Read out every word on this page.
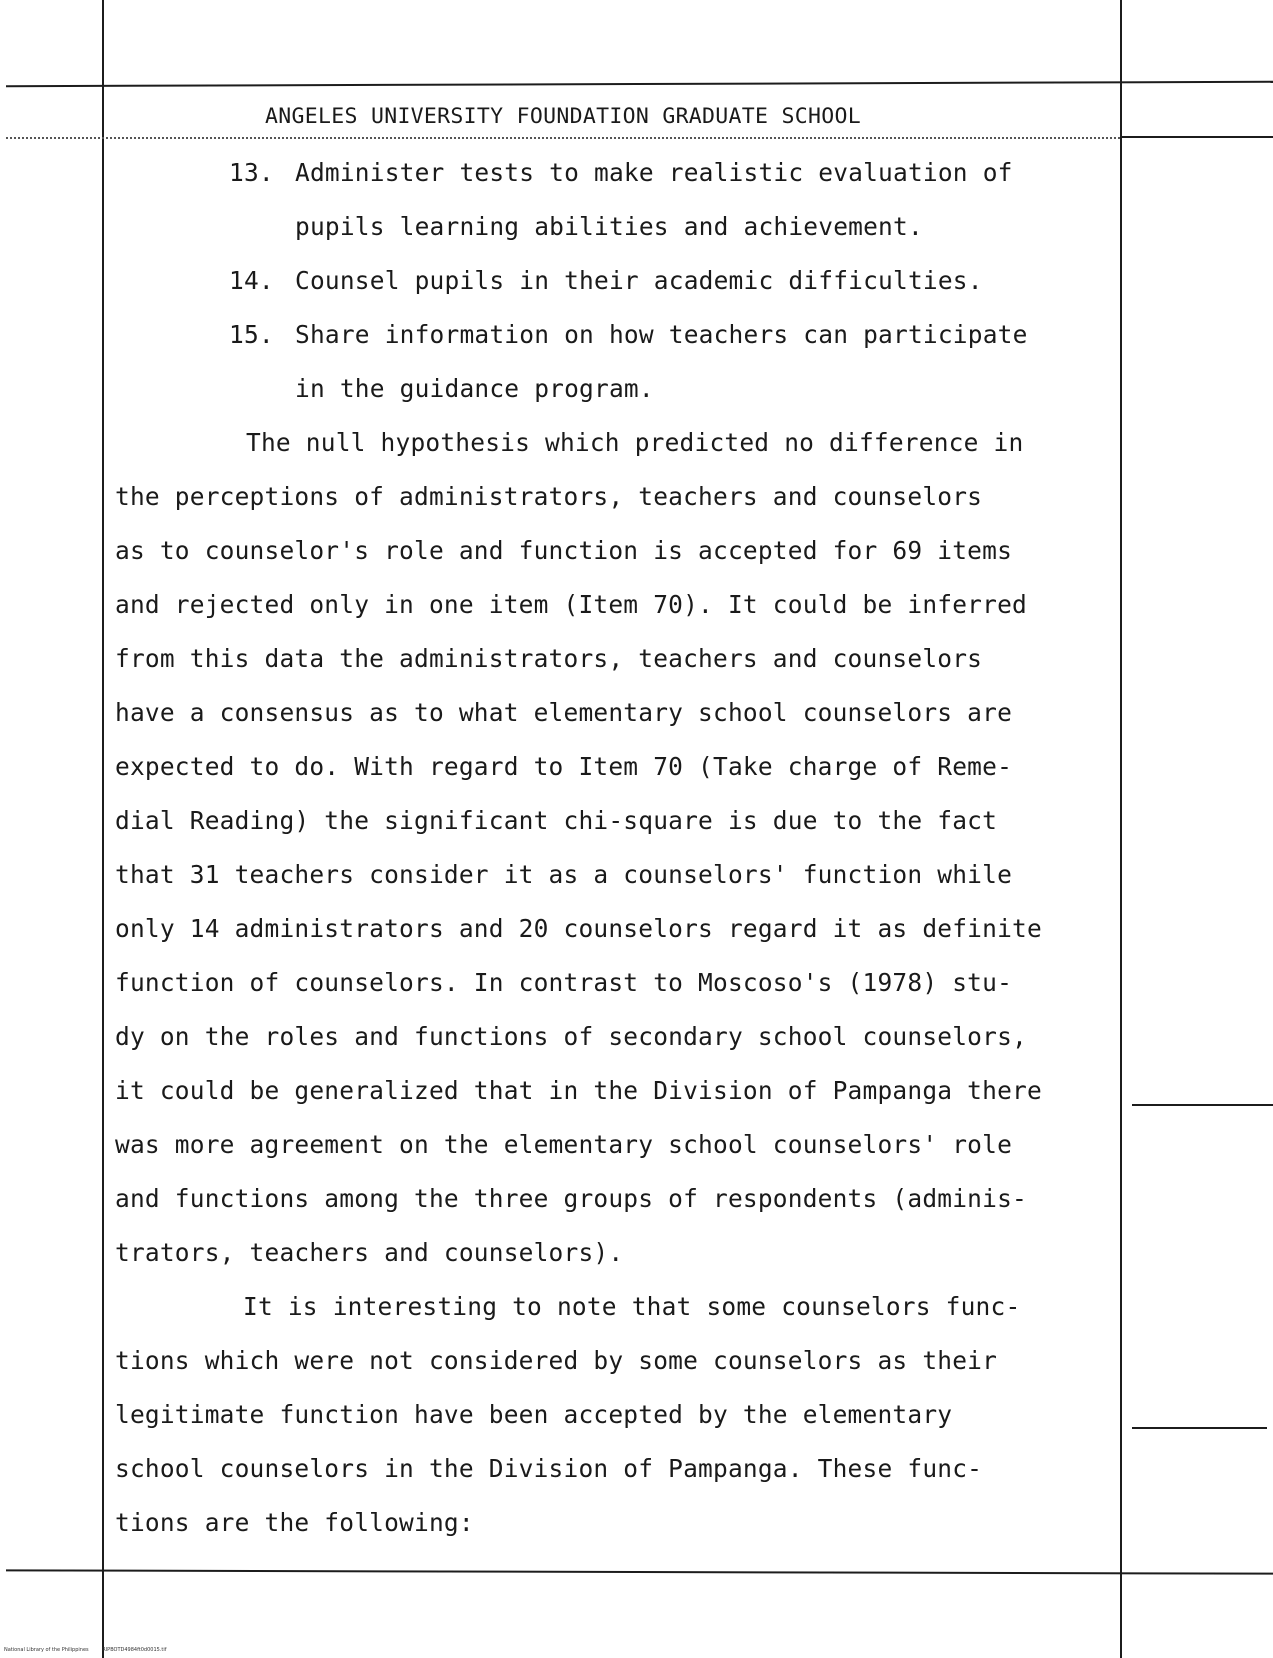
ANGELES UNIVERSITY FOUNDATION GRADUATE SCHOOL
13. Administer tests to make realistic evaluation of
pupils learning abilities and achievement.
14. Counsel pupils in their academic difficulties.
15. Share information on how teachers can participate
in the guidance program.
The null hypothesis which predicted no difference in
the perceptions of administrators, teachers and counselors
as to counselor's role and function is accepted for 69 items
and rejected only in one item (Item 70). It could be inferred
from this data the administrators, teachers and counselors
have a consensus as to what elementary school counselors are
expected to do. With regard to Item 70 (Take charge of Reme-
dial Reading) the significant chi-square is due to the fact
that 31 teachers consider it as a counselors' function while
only 14 administrators and 20 counselors regard it as definite
function of counselors. In contrast to Moscoso's (1978) stu-
dy on the roles and functions of secondary school counselors,
it could be generalized that in the Division of Pampanga there
was more agreement on the elementary school counselors' role
and functions among the three groups of respondents (adminis-
trators, teachers and counselors).
It is interesting to note that some counselors func-
tions which were not considered by some counselors as their
legitimate function have been accepted by the elementary
school counselors in the Division of Pampanga. These func-
tions are the following:
National Library of the Philippines	RIPBOTD4984ft0d0015.tif
